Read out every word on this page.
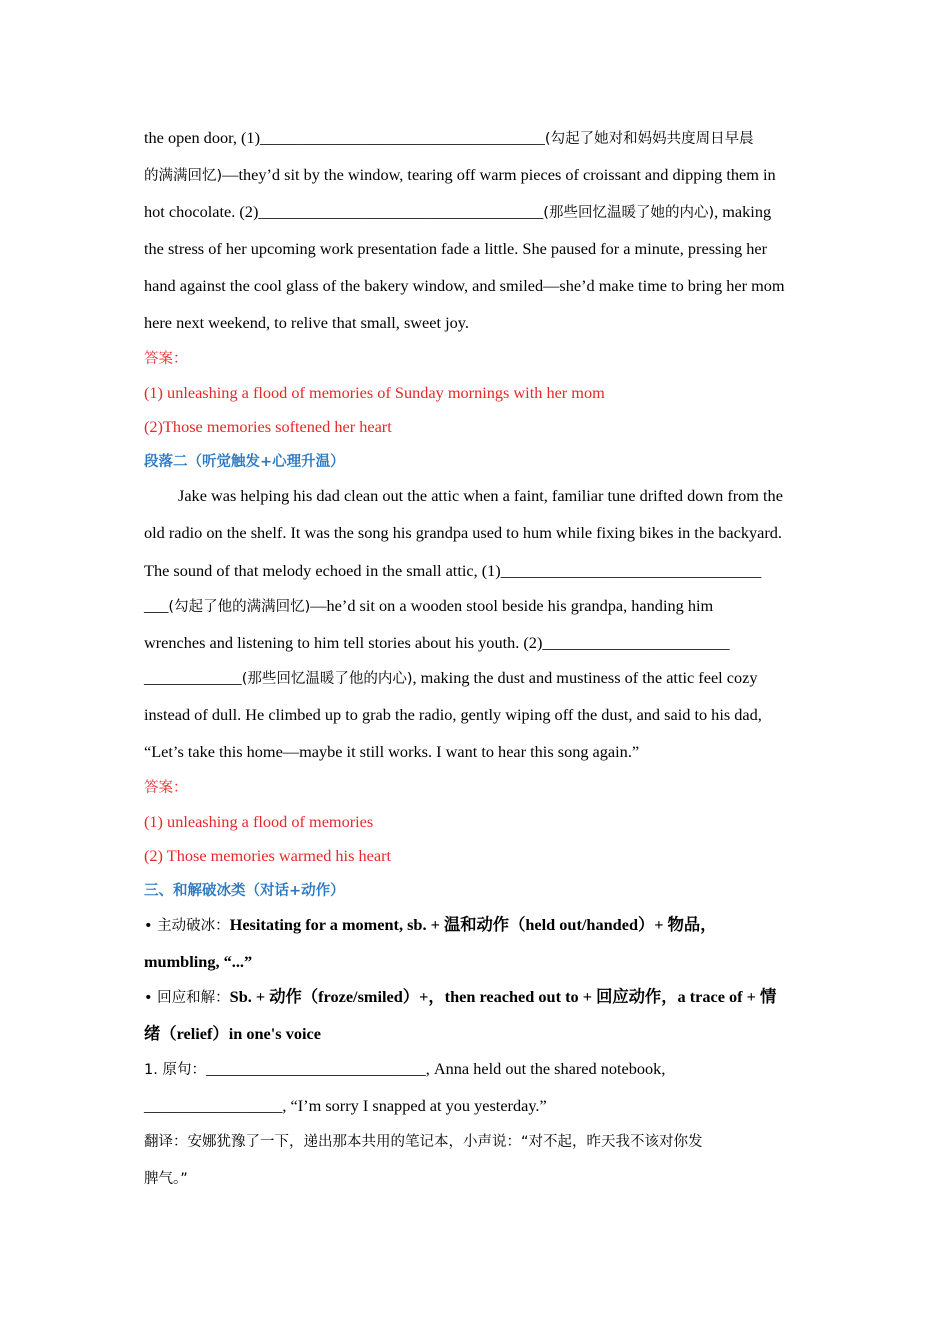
the open door, (1)___________________________________(勾起了她对和妈妈共度周日早晨
的满满回忆)—they’d sit by the window, tearing off warm pieces of croissant and dipping them in
hot chocolate. (2)___________________________________(那些回忆温暖了她的内心), making
the stress of her upcoming work presentation fade a little. She paused for a minute, pressing her
hand against the cool glass of the bakery window, and smiled—she’d make time to bring her mom
here next weekend, to relive that small, sweet joy.
答案：
(1) unleashing a flood of memories of Sunday mornings with her mom
(2)Those memories softened her heart
段落二（听觉触发+心理升温）
Jake was helping his dad clean out the attic when a faint, familiar tune drifted down from the
old radio on the shelf. It was the song his grandpa used to hum while fixing bikes in the backyard.
The sound of that melody echoed in the small attic, (1)________________________________
___(勾起了他的满满回忆)—he’d sit on a wooden stool beside his grandpa, handing him
wrenches and listening to him tell stories about his youth. (2)_______________________
____________(那些回忆温暖了他的内心), making the dust and mustiness of the attic feel cozy
instead of dull. He climbed up to grab the radio, gently wiping off the dust, and said to his dad,
“Let’s take this home—maybe it still works. I want to hear this song again.”
答案：
(1) unleashing a flood of memories
(2) Those memories warmed his heart
三、和解破冰类（对话+动作）
• 主动破冰：Hesitating for a moment, sb. + 温和动作（held out/handed）+ 物品，
mumbling, “...”
• 回应和解：Sb. + 动作（froze/smiled）+，then reached out to + 回应动作，a trace of + 情
绪（relief）in one's voice
1. 原句：___________________________, Anna held out the shared notebook,
_________________, “I’m sorry I snapped at you yesterday.”
翻译：安娜犹豫了一下，递出那本共用的笔记本，小声说：“对不起，昨天我不该对你发
脾气。”
